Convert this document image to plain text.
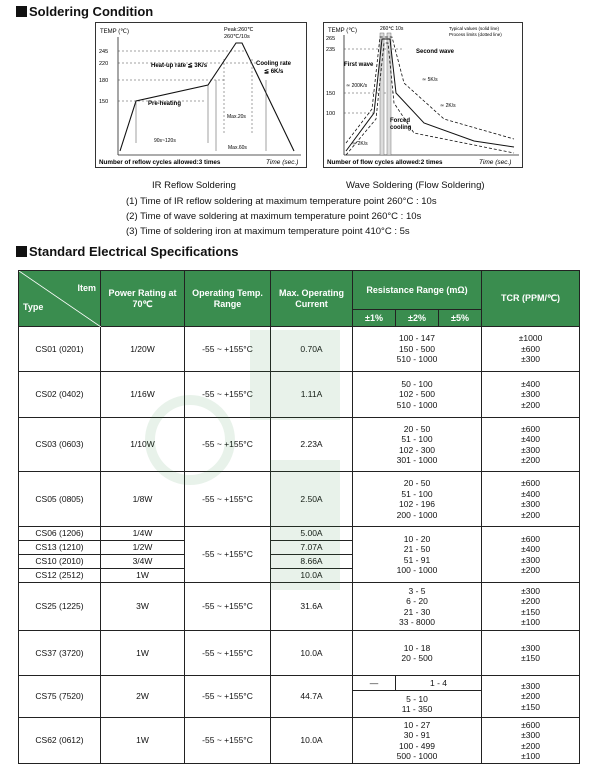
Soldering Condition
TEMP (℃)
245
220
180
150
Peak:260℃
260℃/10s
Heat-up rate ≦ 3K/s	Cooling rate
≦ 6K/s
Pre-heating
90s~120s
Max.20s
Max.60s
Number of reflow cycles allowed:3 times	Time (sec.)
TEMP (℃)
265
235
150
100
260℃ 10s	Typical values (solid line)
Process limits (dotted line)
Second wave
First wave
≃ 5K/s
≃ 200K/s
≃ 2K/s
Forced
cooling
≃ 2K/s
Number of flow cycles allowed:2 times	Time (sec.)
IR Reflow Soldering	Wave Soldering (Flow Soldering)
(1) Time of IR reflow soldering at maximum temperature point 260°C : 10s
(2) Time of wave soldering at maximum temperature point 260°C : 10s
(3) Time of soldering iron at maximum temperature point 410°C : 5s
Standard Electrical Specifications
Item
Type	Power Rating at 70℃	Operating Temp. Range	Max. Operating Current	Resistance Range (mΩ)			TCR (PPM/℃)
				±1%	±2%	±5%	
CS01 (0201)	1/20W	-55 ~ +155°C	0.70A	100 - 147
150 - 500
510 - 1000			±1000
±600
±300

CS02 (0402)	1/16W	-55 ~ +155°C	1.11A	50 - 100
102 - 500
510 - 1000			±400
±300
±200

CS03 (0603)	1/10W	-55 ~ +155°C	2.23A	20 - 50
51 - 100
102 - 300
301 - 1000			±600
±400
±300
±200

CS05 (0805)	1/8W	-55 ~ +155°C	2.50A	20 - 50
51 - 100
102 - 196
200 - 1000			±600
±400
±300
±200

CS06 (1206)	1/4W	-55 ~ +155°C	5.00A	10 - 20
21 - 50
51 - 91
100 - 1000			±600
±400
±300
±200

CS13 (1210)	1/2W		7.07A				
CS10 (2010)	3/4W		8.66A				
CS12 (2512)	1W		10.0A				
CS25 (1225)	3W	-55 ~ +155°C	31.6A	3 - 5
6 - 20
21 - 30
33 - 8000			±300
±200
±150
±100

CS37 (3720)	1W	-55 ~ +155°C	10.0A	10 - 18
20 - 500			±300
±150

CS75 (7520)	2W	-55 ~ +155°C	44.7A	—	1 - 4		±300
±200
±150

				5 - 10
11 - 350			

CS62 (0612)	1W	-55 ~ +155°C	10.0A	10 - 27
30 - 91
100 - 499
500 - 1000			±600
±300
±200
±100
